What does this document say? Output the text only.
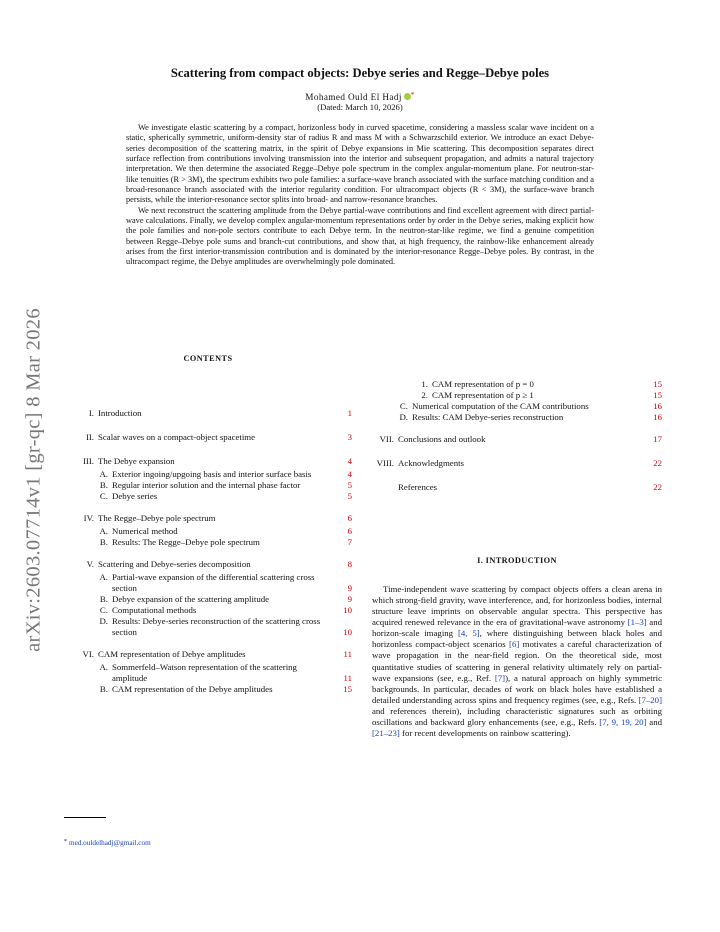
arXiv:2603.07714v1 [gr-qc] 8 Mar 2026
Scattering from compact objects: Debye series and Regge–Debye poles
Mohamed Ould El Hadj *
(Dated: March 10, 2026)

We investigate elastic scattering by a compact, horizonless body in curved spacetime, considering a massless scalar wave incident on a static, spherically symmetric, uniform-density star of radius R and mass M with a Schwarzschild exterior. We introduce an exact Debye-series decomposition of the scattering matrix, in the spirit of Debye expansions in Mie scattering. This decomposition separates direct surface reflection from contributions involving transmission into the interior and subsequent propagation, and admits a natural trajectory interpretation. We then determine the associated Regge–Debye pole spectrum in the complex angular-momentum plane. For neutron-star-like tenuities (R > 3M), the spectrum exhibits two pole families: a surface-wave branch associated with the surface matching condition and a broad-resonance branch associated with the interior regularity condition. For ultracompact objects (R < 3M), the surface-wave branch persists, while the interior-resonance sector splits into broad- and narrow-resonance branches.

We next reconstruct the scattering amplitude from the Debye partial-wave contributions and find excellent agreement with direct partial-wave calculations. Finally, we develop complex angular-momentum representations order by order in the Debye series, making explicit how the pole families and non-pole sectors contribute to each Debye term. In the neutron-star-like regime, we find a genuine competition between Regge–Debye pole sums and branch-cut contributions, and show that, at high frequency, the rainbow-like enhancement already arises from the first interior-transmission contribution and is dominated by the interior-resonance Regge–Debye poles. By contrast, in the ultracompact regime, the Debye amplitudes are overwhelmingly pole dominated.

CONTENTS
I. Introduction	1
II. Scalar waves on a compact-object spacetime	3
III. The Debye expansion	4
A. Exterior ingoing/upgoing basis and interior surface basis	4
B. Regular interior solution and the internal phase factor	5
C. Debye series	5
IV. The Regge–Debye pole spectrum	6
A. Numerical method	6
B. Results: The Regge–Debye pole spectrum	7
V. Scattering and Debye-series decomposition	8
A. Partial-wave expansion of the differential scattering cross section	9
B. Debye expansion of the scattering amplitude	9
C. Computational methods	10
D. Results: Debye-series reconstruction of the scattering cross section	10
VI. CAM representation of Debye amplitudes	11
A. Sommerfeld–Watson representation of the scattering amplitude	11
B. CAM representation of the Debye amplitudes	15
1. CAM representation of p = 0	15
2. CAM representation of p ≥ 1	15
C. Numerical computation of the CAM contributions	16
D. Results: CAM Debye-series reconstruction	16
VII. Conclusions and outlook	17
VIII. Acknowledgments	22
References	22
* med.ouldelhadj@gmail.com
I. INTRODUCTION
Time-independent wave scattering by compact objects offers a clean arena in which strong-field gravity, wave interference, and, for horizonless bodies, internal structure leave imprints on observable angular spectra. This perspective has acquired renewed relevance in the era of gravitational-wave astronomy [1–3] and horizon-scale imaging [4, 5], where distinguishing between black holes and horizonless compact-object scenarios [6] motivates a careful characterization of wave propagation in the near-field region. On the theoretical side, most quantitative studies of scattering in general relativity ultimately rely on partial-wave expansions (see, e.g., Ref. [7]), a natural approach on highly symmetric backgrounds. In particular, decades of work on black holes have established a detailed understanding across spins and frequency regimes (see, e.g., Refs. [7–20] and references therein), including characteristic signatures such as orbiting oscillations and backward glory enhancements (see, e.g., Refs. [7, 9, 19, 20] and [21–23] for recent developments on rainbow scattering).
